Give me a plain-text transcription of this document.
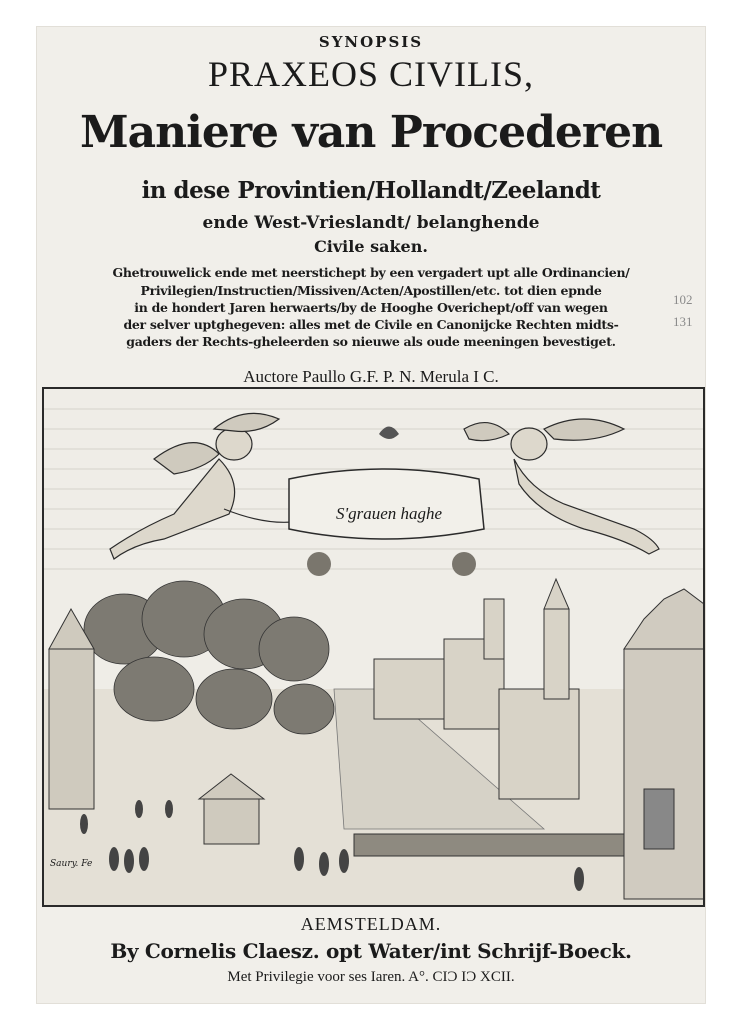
SYNOPSIS
PRAXEOS CIVILIS,
Maniere van Procederen
in dese Provintien/Hollandt/Zeelandt
ende West-Vrieslandt/ belanghende
Civile saken.
Ghetrouwelick ende met neerstichept by een vergadert upt alle Ordinancien/
Privilegien/Instructien/Missiven/Acten/Apostillen/etc. tot dien epnde
in de hondert Jaren herwaerts/by de Hooghe Overichept/off van wegen
der selver uptghegeven: alles met de Civile en Canonijcke Rechten midts-
gaders der Rechts-gheleerden so nieuwe als oude meeningen bevestiget.
Auctore Paullo G.F. P. N. Merula I C.
102
131
S'grauen haghe
Saury. Fe
AEMSTELDAM.
By Cornelis Claesz. opt Water/int Schrijf-Boeck.
Met Privilegie voor ses Iaren. A°. CIƆ IƆ XCII.
